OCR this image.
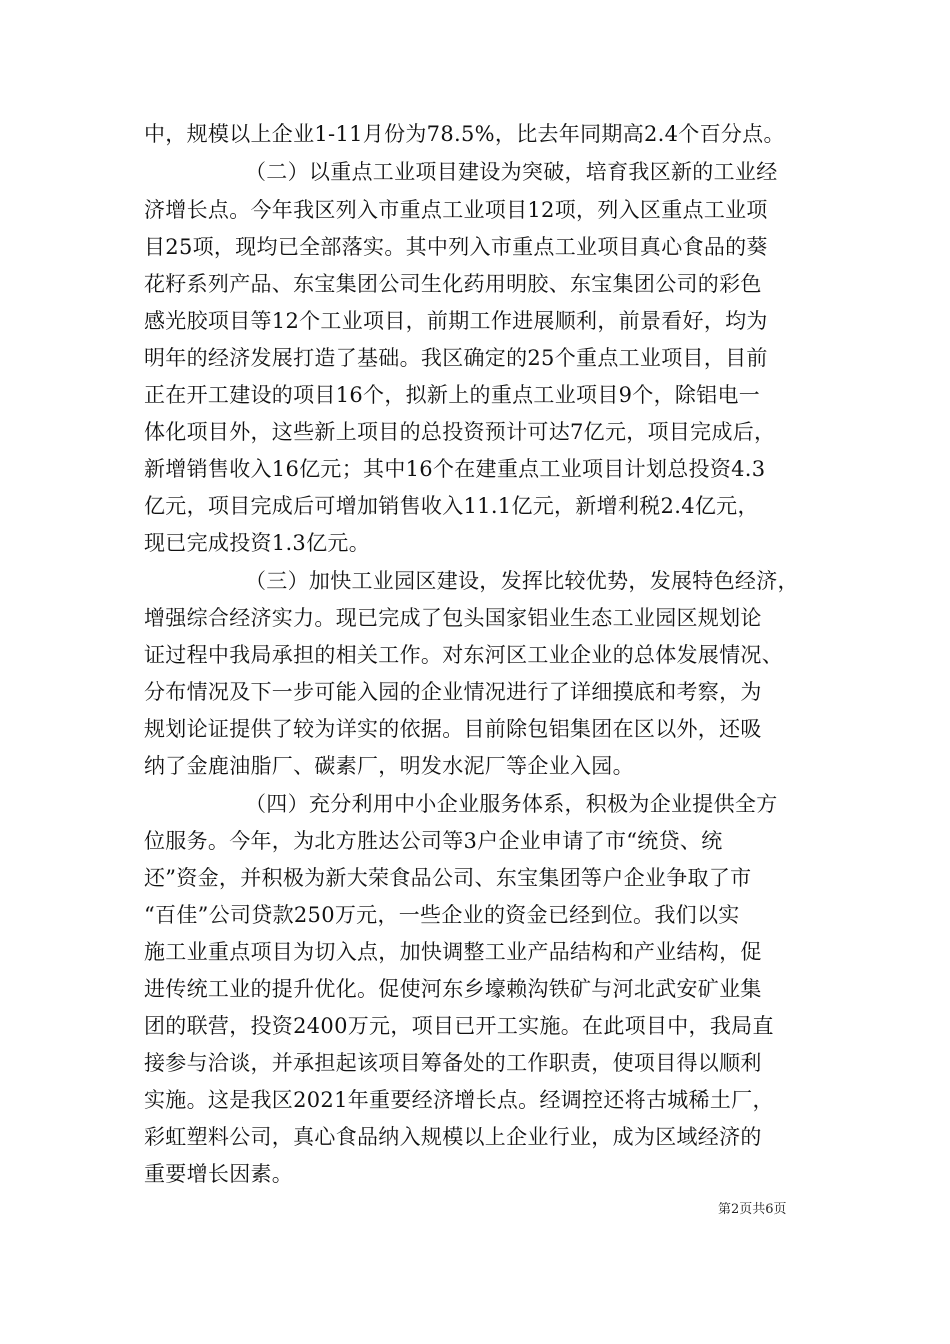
中，规模以上企业1-11月份为78.5%，比去年同期高2.4个百分点。
（二）以重点工业项目建设为突破，培育我区新的工业经
济增长点。今年我区列入市重点工业项目12项，列入区重点工业项
目25项，现均已全部落实。其中列入市重点工业项目真心食品的葵
花籽系列产品、东宝集团公司生化药用明胶、东宝集团公司的彩色
感光胶项目等12个工业项目，前期工作进展顺利，前景看好，均为
明年的经济发展打造了基础。我区确定的25个重点工业项目，目前
正在开工建设的项目16个，拟新上的重点工业项目9个，除铝电一
体化项目外，这些新上项目的总投资预计可达7亿元，项目完成后，
新增销售收入16亿元；其中16个在建重点工业项目计划总投资4.3
亿元，项目完成后可增加销售收入11.1亿元，新增利税2.4亿元，
现已完成投资1.3亿元。
（三）加快工业园区建设，发挥比较优势，发展特色经济，
增强综合经济实力。现已完成了包头国家铝业生态工业园区规划论
证过程中我局承担的相关工作。对东河区工业企业的总体发展情况、
分布情况及下一步可能入园的企业情况进行了详细摸底和考察，为
规划论证提供了较为详实的依据。目前除包铝集团在区以外，还吸
纳了金鹿油脂厂、碳素厂，明发水泥厂等企业入园。
（四）充分利用中小企业服务体系，积极为企业提供全方
位服务。今年，为北方胜达公司等3户企业申请了市“统贷、统
还”资金，并积极为新大荣食品公司、东宝集团等户企业争取了市
“百佳”公司贷款250万元，一些企业的资金已经到位。我们以实
施工业重点项目为切入点，加快调整工业产品结构和产业结构，促
进传统工业的提升优化。促使河东乡壕赖沟铁矿与河北武安矿业集
团的联营，投资2400万元，项目已开工实施。在此项目中，我局直
接参与洽谈，并承担起该项目筹备处的工作职责，使项目得以顺利
实施。这是我区2021年重要经济增长点。经调控还将古城稀土厂，
彩虹塑料公司，真心食品纳入规模以上企业行业，成为区域经济的
重要增长因素。
第2页共6页
